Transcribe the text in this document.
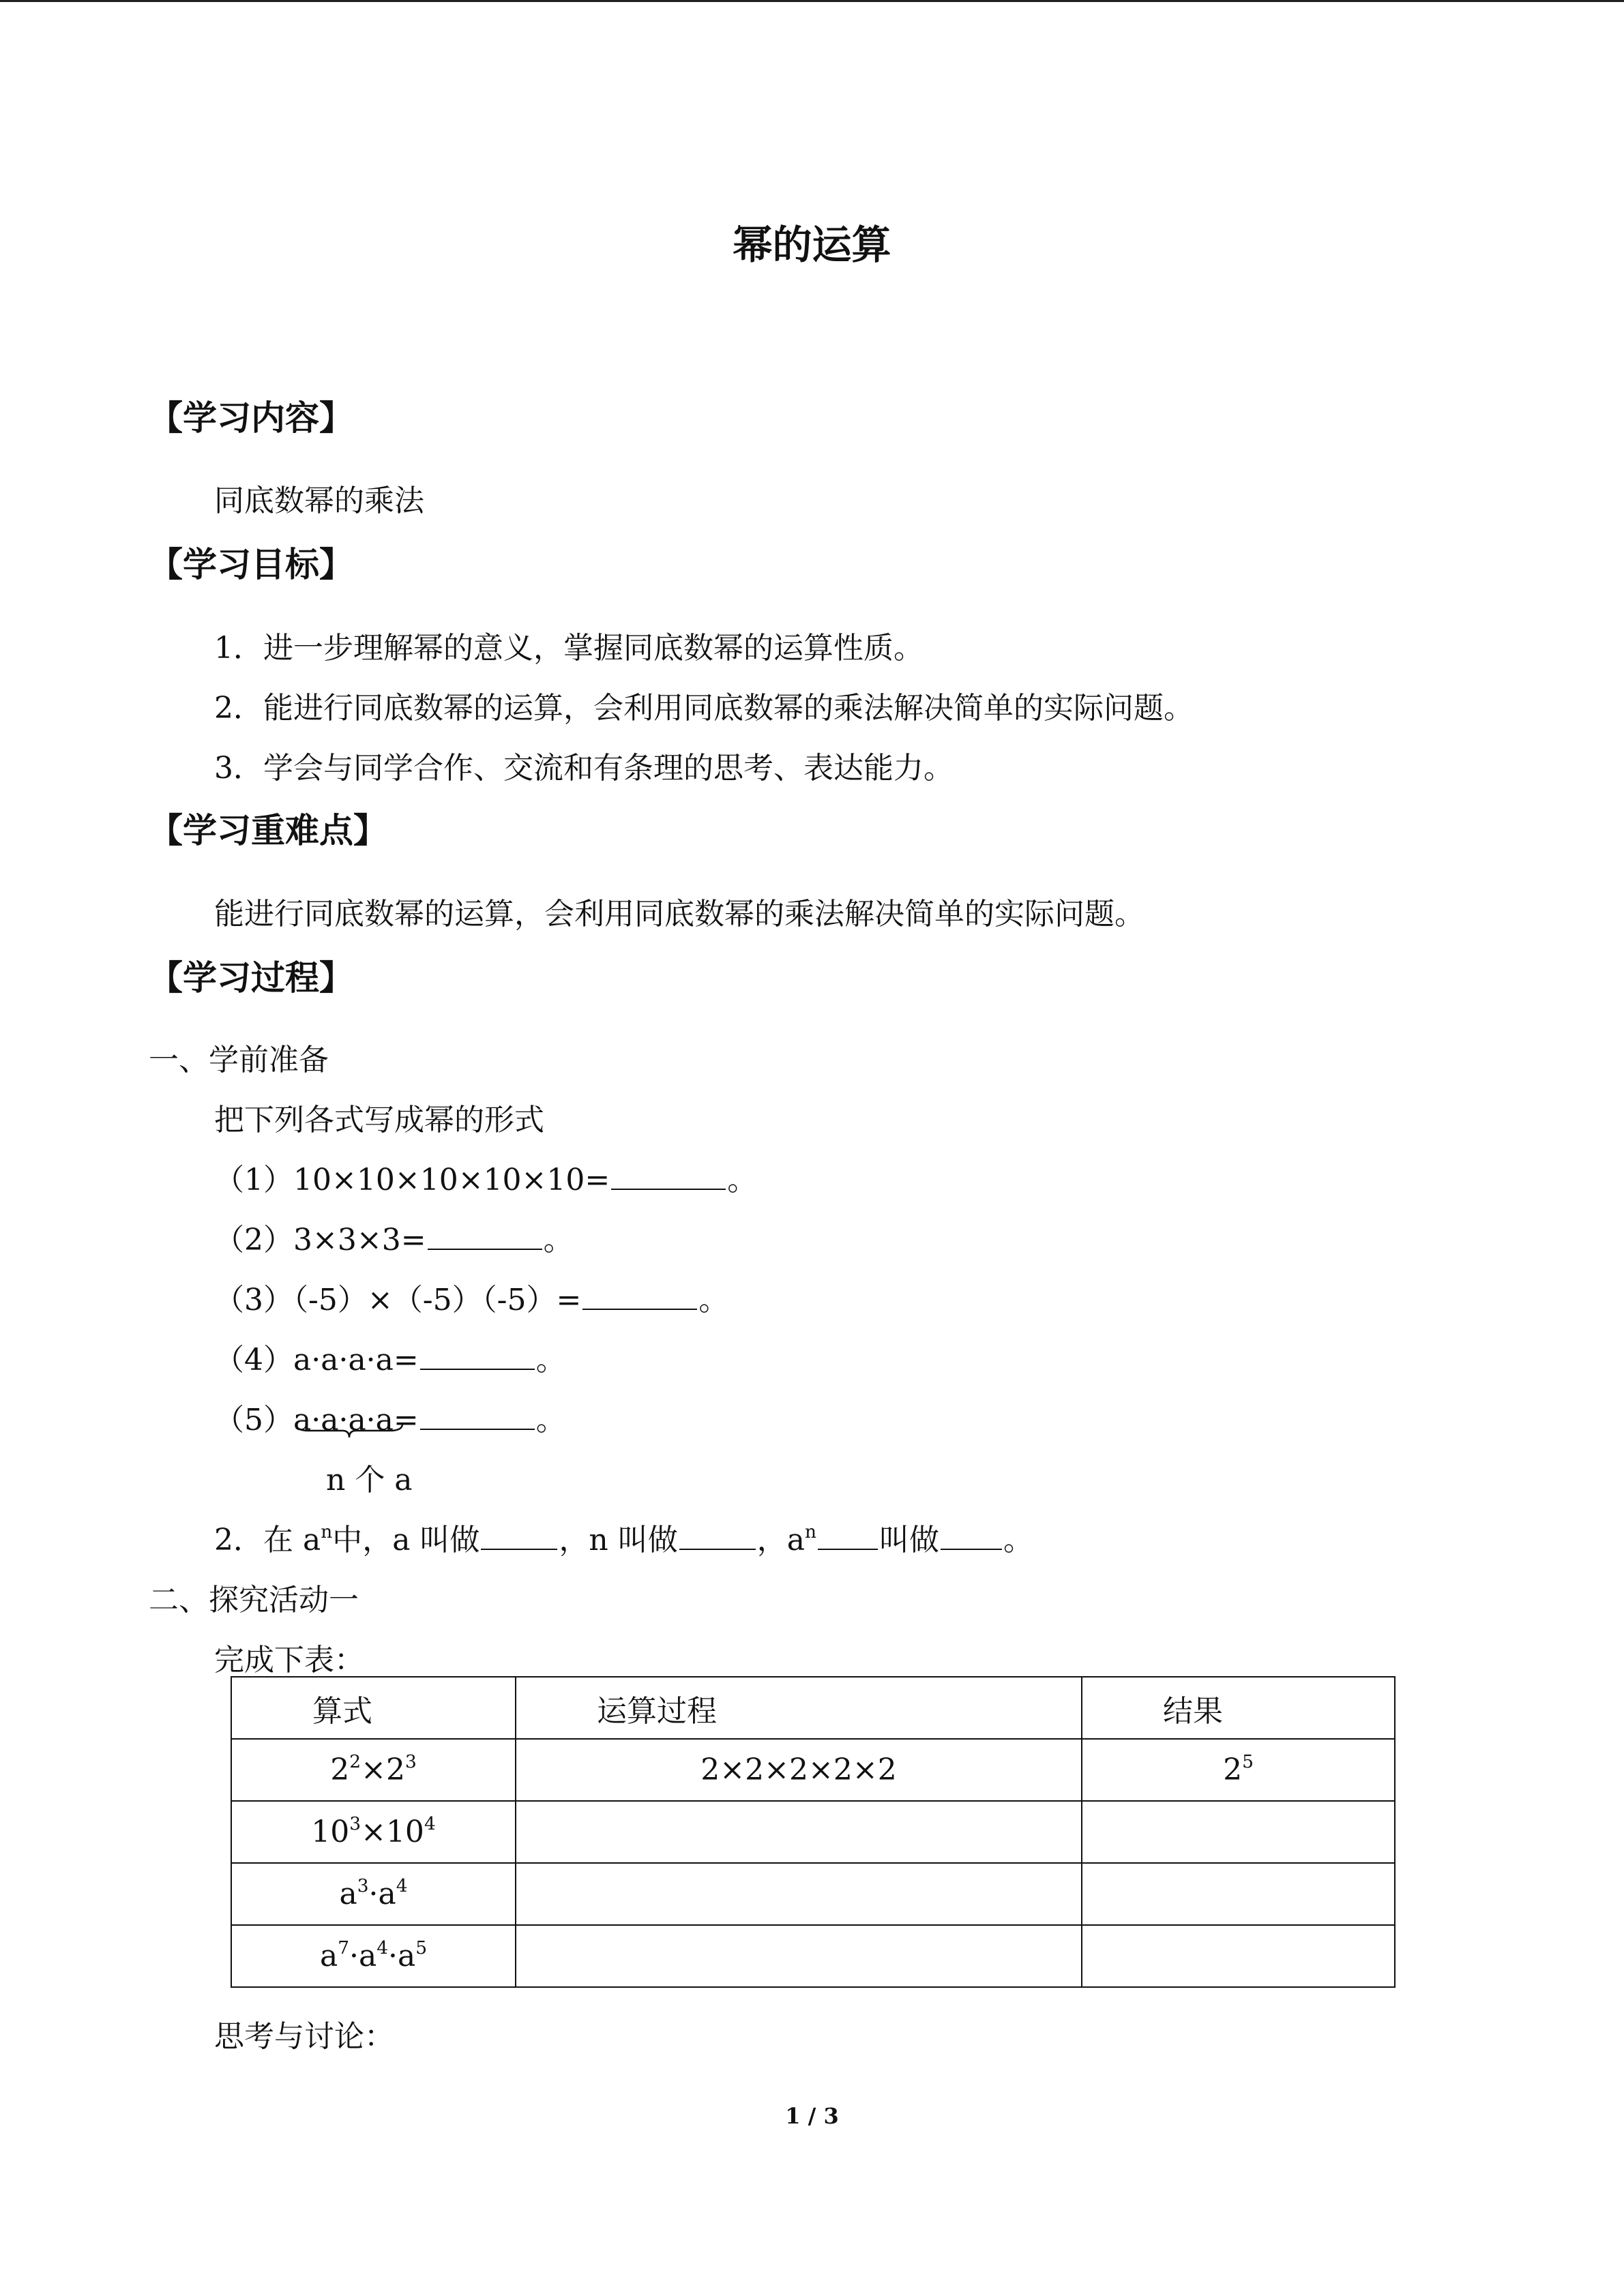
幂的运算
【学习内容】
同底数幂的乘法
【学习目标】
1．进一步理解幂的意义，掌握同底数幂的运算性质。
2．能进行同底数幂的运算，会利用同底数幂的乘法解决简单的实际问题。
3．学会与同学合作、交流和有条理的思考、表达能力。
【学习重难点】
能进行同底数幂的运算，会利用同底数幂的乘法解决简单的实际问题。
【学习过程】
一、学前准备
把下列各式写成幂的形式
（1）10×10×10×10×10=	。
（2）3×3×3=	。
（3）（-5）×（-5）（-5）=	。
（4）a·a·a·a=	。
（5）a·a·a·a=	。
n 个 a
2．在 $a^n$中，a 叫做	，n 叫做	，$a^n$ 叫做 。
二、探究活动一
完成下表：
算式	运算过程	结果
$2^2\times 2^3$	2×2×2×2×2	$2^5$
$10^3\times 10^4$		
$a^3\cdot a^4$		
$a^7\cdot a^4\cdot a^5$		
思考与讨论：
1 / 3
